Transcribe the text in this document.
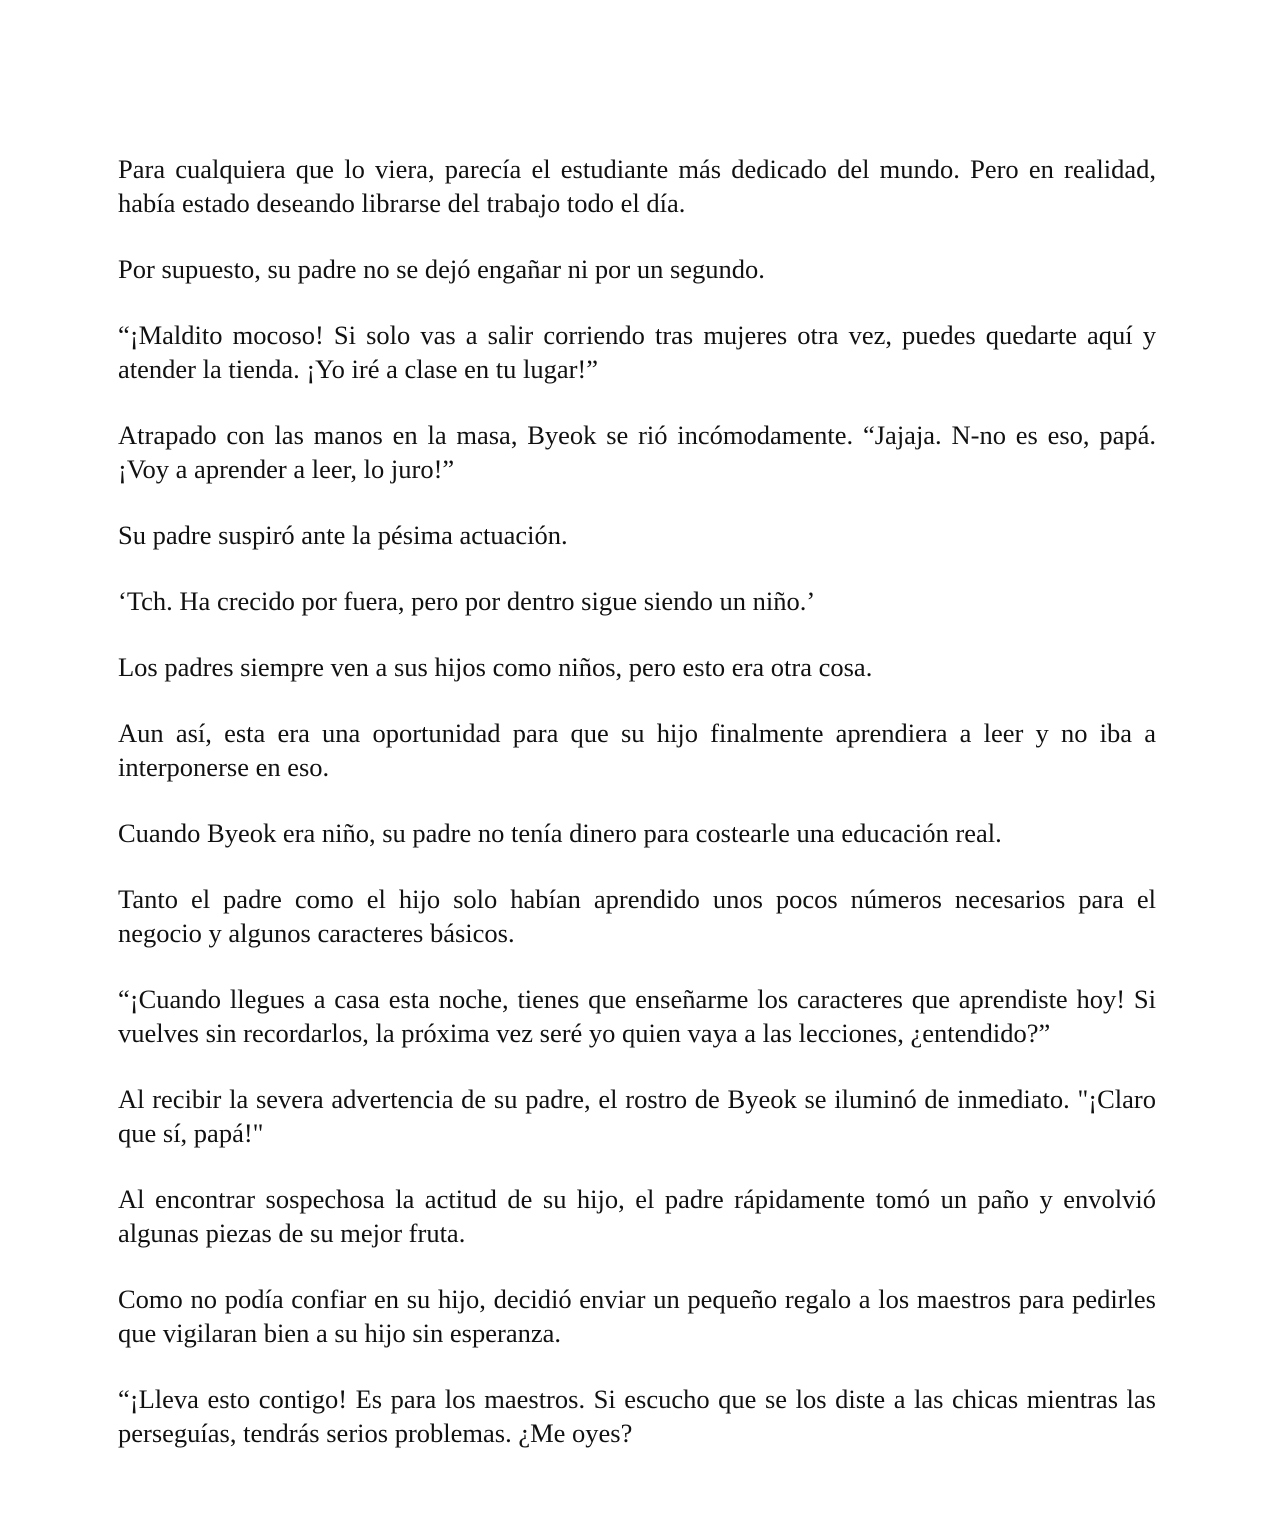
Para cualquiera que lo viera, parecía el estudiante más dedicado del mundo. Pero en realidad, había estado deseando librarse del trabajo todo el día.

Por supuesto, su padre no se dejó engañar ni por un segundo.

“¡Maldito mocoso! Si solo vas a salir corriendo tras mujeres otra vez, puedes quedarte aquí y atender la tienda. ¡Yo iré a clase en tu lugar!”

Atrapado con las manos en la masa, Byeok se rió incómodamente. “Jajaja. N-no es eso, papá. ¡Voy a aprender a leer, lo juro!”

Su padre suspiró ante la pésima actuación.

‘Tch. Ha crecido por fuera, pero por dentro sigue siendo un niño.’

Los padres siempre ven a sus hijos como niños, pero esto era otra cosa.

Aun así, esta era una oportunidad para que su hijo finalmente aprendiera a leer y no iba a interponerse en eso.

Cuando Byeok era niño, su padre no tenía dinero para costearle una educación real.

Tanto el padre como el hijo solo habían aprendido unos pocos números necesarios para el negocio y algunos caracteres básicos.

“¡Cuando llegues a casa esta noche, tienes que enseñarme los caracteres que aprendiste hoy! Si vuelves sin recordarlos, la próxima vez seré yo quien vaya a las lecciones, ¿entendido?”

Al recibir la severa advertencia de su padre, el rostro de Byeok se iluminó de inmediato. "¡Claro que sí, papá!"

Al encontrar sospechosa la actitud de su hijo, el padre rápidamente tomó un paño y envolvió algunas piezas de su mejor fruta.

Como no podía confiar en su hijo, decidió enviar un pequeño regalo a los maestros para pedirles que vigilaran bien a su hijo sin esperanza.

“¡Lleva esto contigo! Es para los maestros. Si escucho que se los diste a las chicas mientras las perseguías, tendrás serios problemas. ¿Me oyes?
